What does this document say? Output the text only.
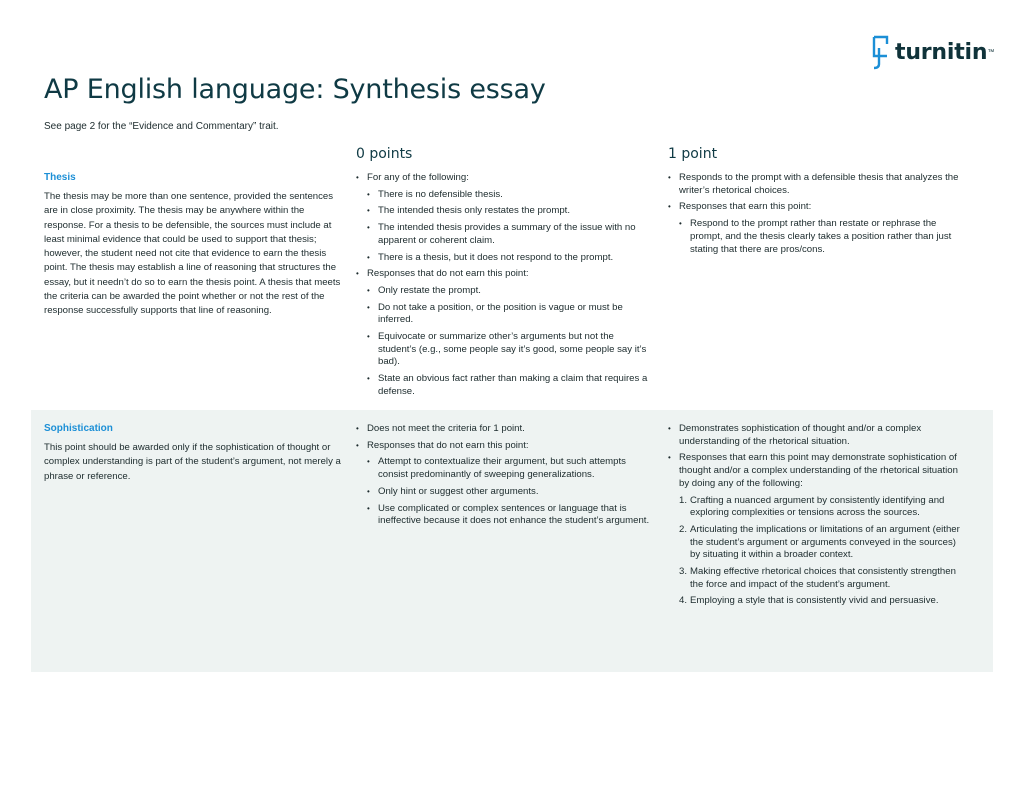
turnitin ™
AP English language: Synthesis essay
See page 2 for the “Evidence and Commentary” trait.
0 points	1 point

Thesis

The thesis may be more than one sentence, provided the sentences are in close proximity. The thesis may be anywhere within the response. For a thesis to be defensible, the sources must include at least minimal evidence that could be used to support that thesis; however, the student need not cite that evidence to earn the thesis point. The thesis may establish a line of reasoning that structures the essay, but it needn’t do so to earn the thesis point. A thesis that meets the criteria can be awarded the point whether or not the rest of the response successfully supports that line of reasoning.

• For any of the following:
• There is no defensible thesis.
• The intended thesis only restates the prompt.
• The intended thesis provides a summary of the issue with no apparent or coherent claim.
• There is a thesis, but it does not respond to the prompt.
• Responses that do not earn this point:
• Only restate the prompt.
• Do not take a position, or the position is vague or must be inferred.
• Equivocate or summarize other’s arguments but not the student’s (e.g., some people say it’s good, some people say it’s bad).
• State an obvious fact rather than making a claim that requires a defense.
• Responds to the prompt with a defensible thesis that analyzes the writer’s rhetorical choices.
• Responses that earn this point:
• Respond to the prompt rather than restate or rephrase the prompt, and the thesis clearly takes a position rather than just stating that there are pros/cons.

Sophistication

This point should be awarded only if the sophistication of thought or complex understanding is part of the student’s argument, not merely a phrase or reference.

• Does not meet the criteria for 1 point.
• Responses that do not earn this point:
• Attempt to contextualize their argument, but such attempts consist predominantly of sweeping generalizations.
• Only hint or suggest other arguments.
• Use complicated or complex sentences or language that is ineffective because it does not enhance the student’s argument.
• Demonstrates sophistication of thought and/or a complex understanding of the rhetorical situation.
• Responses that earn this point may demonstrate sophistication of thought and/or a complex understanding of the rhetorical situation by doing any of the following:
1. Crafting a nuanced argument by consistently identifying and exploring complexities or tensions across the sources.
2. Articulating the implications or limitations of an argument (either the student’s argument or arguments conveyed in the sources) by situating it within a broader context.
3. Making effective rhetorical choices that consistently strengthen the force and impact of the student’s argument.
4. Employing a style that is consistently vivid and persuasive.
